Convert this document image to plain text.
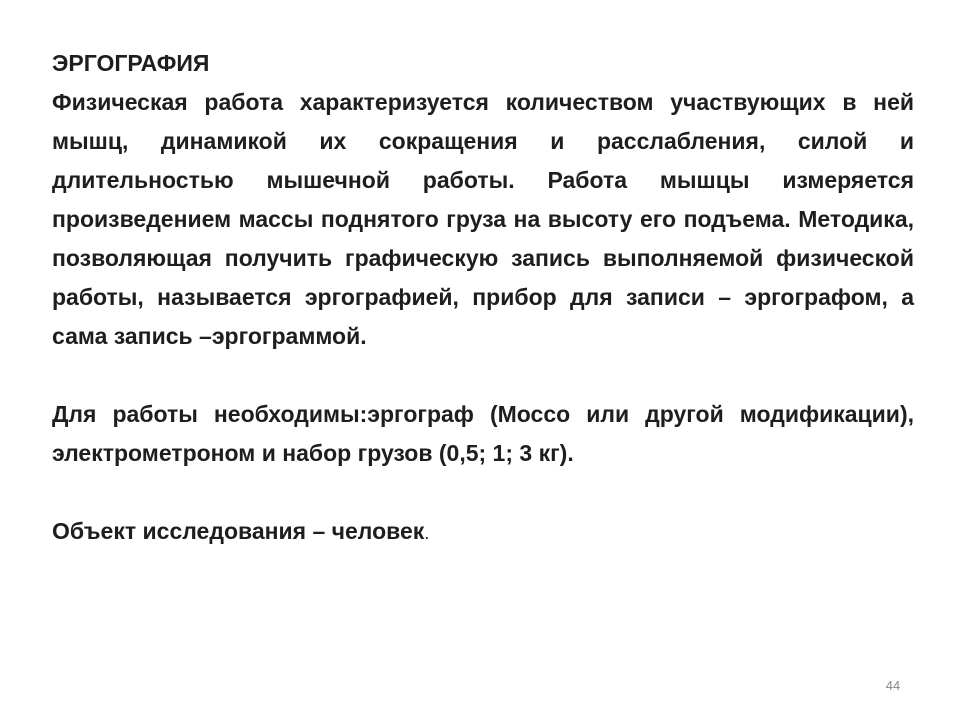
ЭРГОГРАФИЯ

Физическая работа характеризуется количеством участвующих в ней мышц, динамикой их сокращения и расслабления, силой и длительностью мышечной работы. Работа мышцы измеряется произведением массы поднятого груза на высоту его подъема. Методика, позволяющая получить графическую запись выполняемой физической работы, называется эргографией, прибор для записи – эргографом, а сама запись –эргограммой.

Для работы необходимы:эргограф (Моссо или другой модификации), электрометроном и набор грузов (0,5; 1; 3 кг).

Объект исследования – человек.

44
